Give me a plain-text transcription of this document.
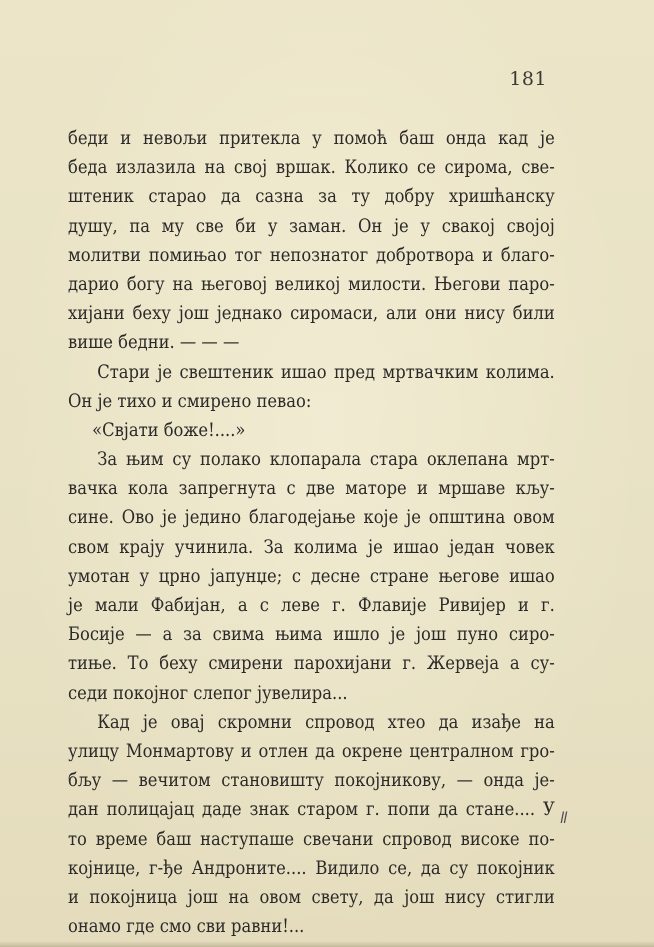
181
беди и невољи притекла у помоћ баш онда кад је
беда излазила на свој вршак. Колико се сирома, све-
штеник старао да сазна за ту добру хришћанску
душу, па му све би у заман. Он је у свакој својој
молитви помињао тог непознатог добротвора и благо-
дарио богу на његовој великој милости. Његови паро-
хијани беху још једнако сиромаси, али они нису били
више бедни. — — —
Стари је свештеник ишао пред мртвачким колима.
Он је тихо и смирено певао:
«Свјати боже!....»
За њим су полако клопарала стара оклепана мрт-
вачка кола запрегнута с две маторе и мршаве кљу-
сине. Ово је једино благодејање које је општина овом
свом крају учинила. За колима је ишао један човек
умотан у црно јапунџе; с десне стране његове ишао
је мали Фабијан, а с леве г. Флавије Ривијер и г.
Босије — а за свима њима ишло је још пуно сиро-
тиње. То беху смирени парохијани г. Жервеја а су-
седи покојног слепог јувелира...
Кад је овај скромни спровод хтео да изађе на
улицу Монмартову и отлен да окрене централном гро-
бљу — вечитом становишту покојникову, — онда је-
дан полицајац даде знак старом г. попи да стане.... У
то време баш наступаше свечани спровод високе по-
којнице, г-ђе Андроните.... Видило се, да су покојник
и покојница још на овом свету, да још нису стигли
онамо где смо сви равни!...
ǁ
